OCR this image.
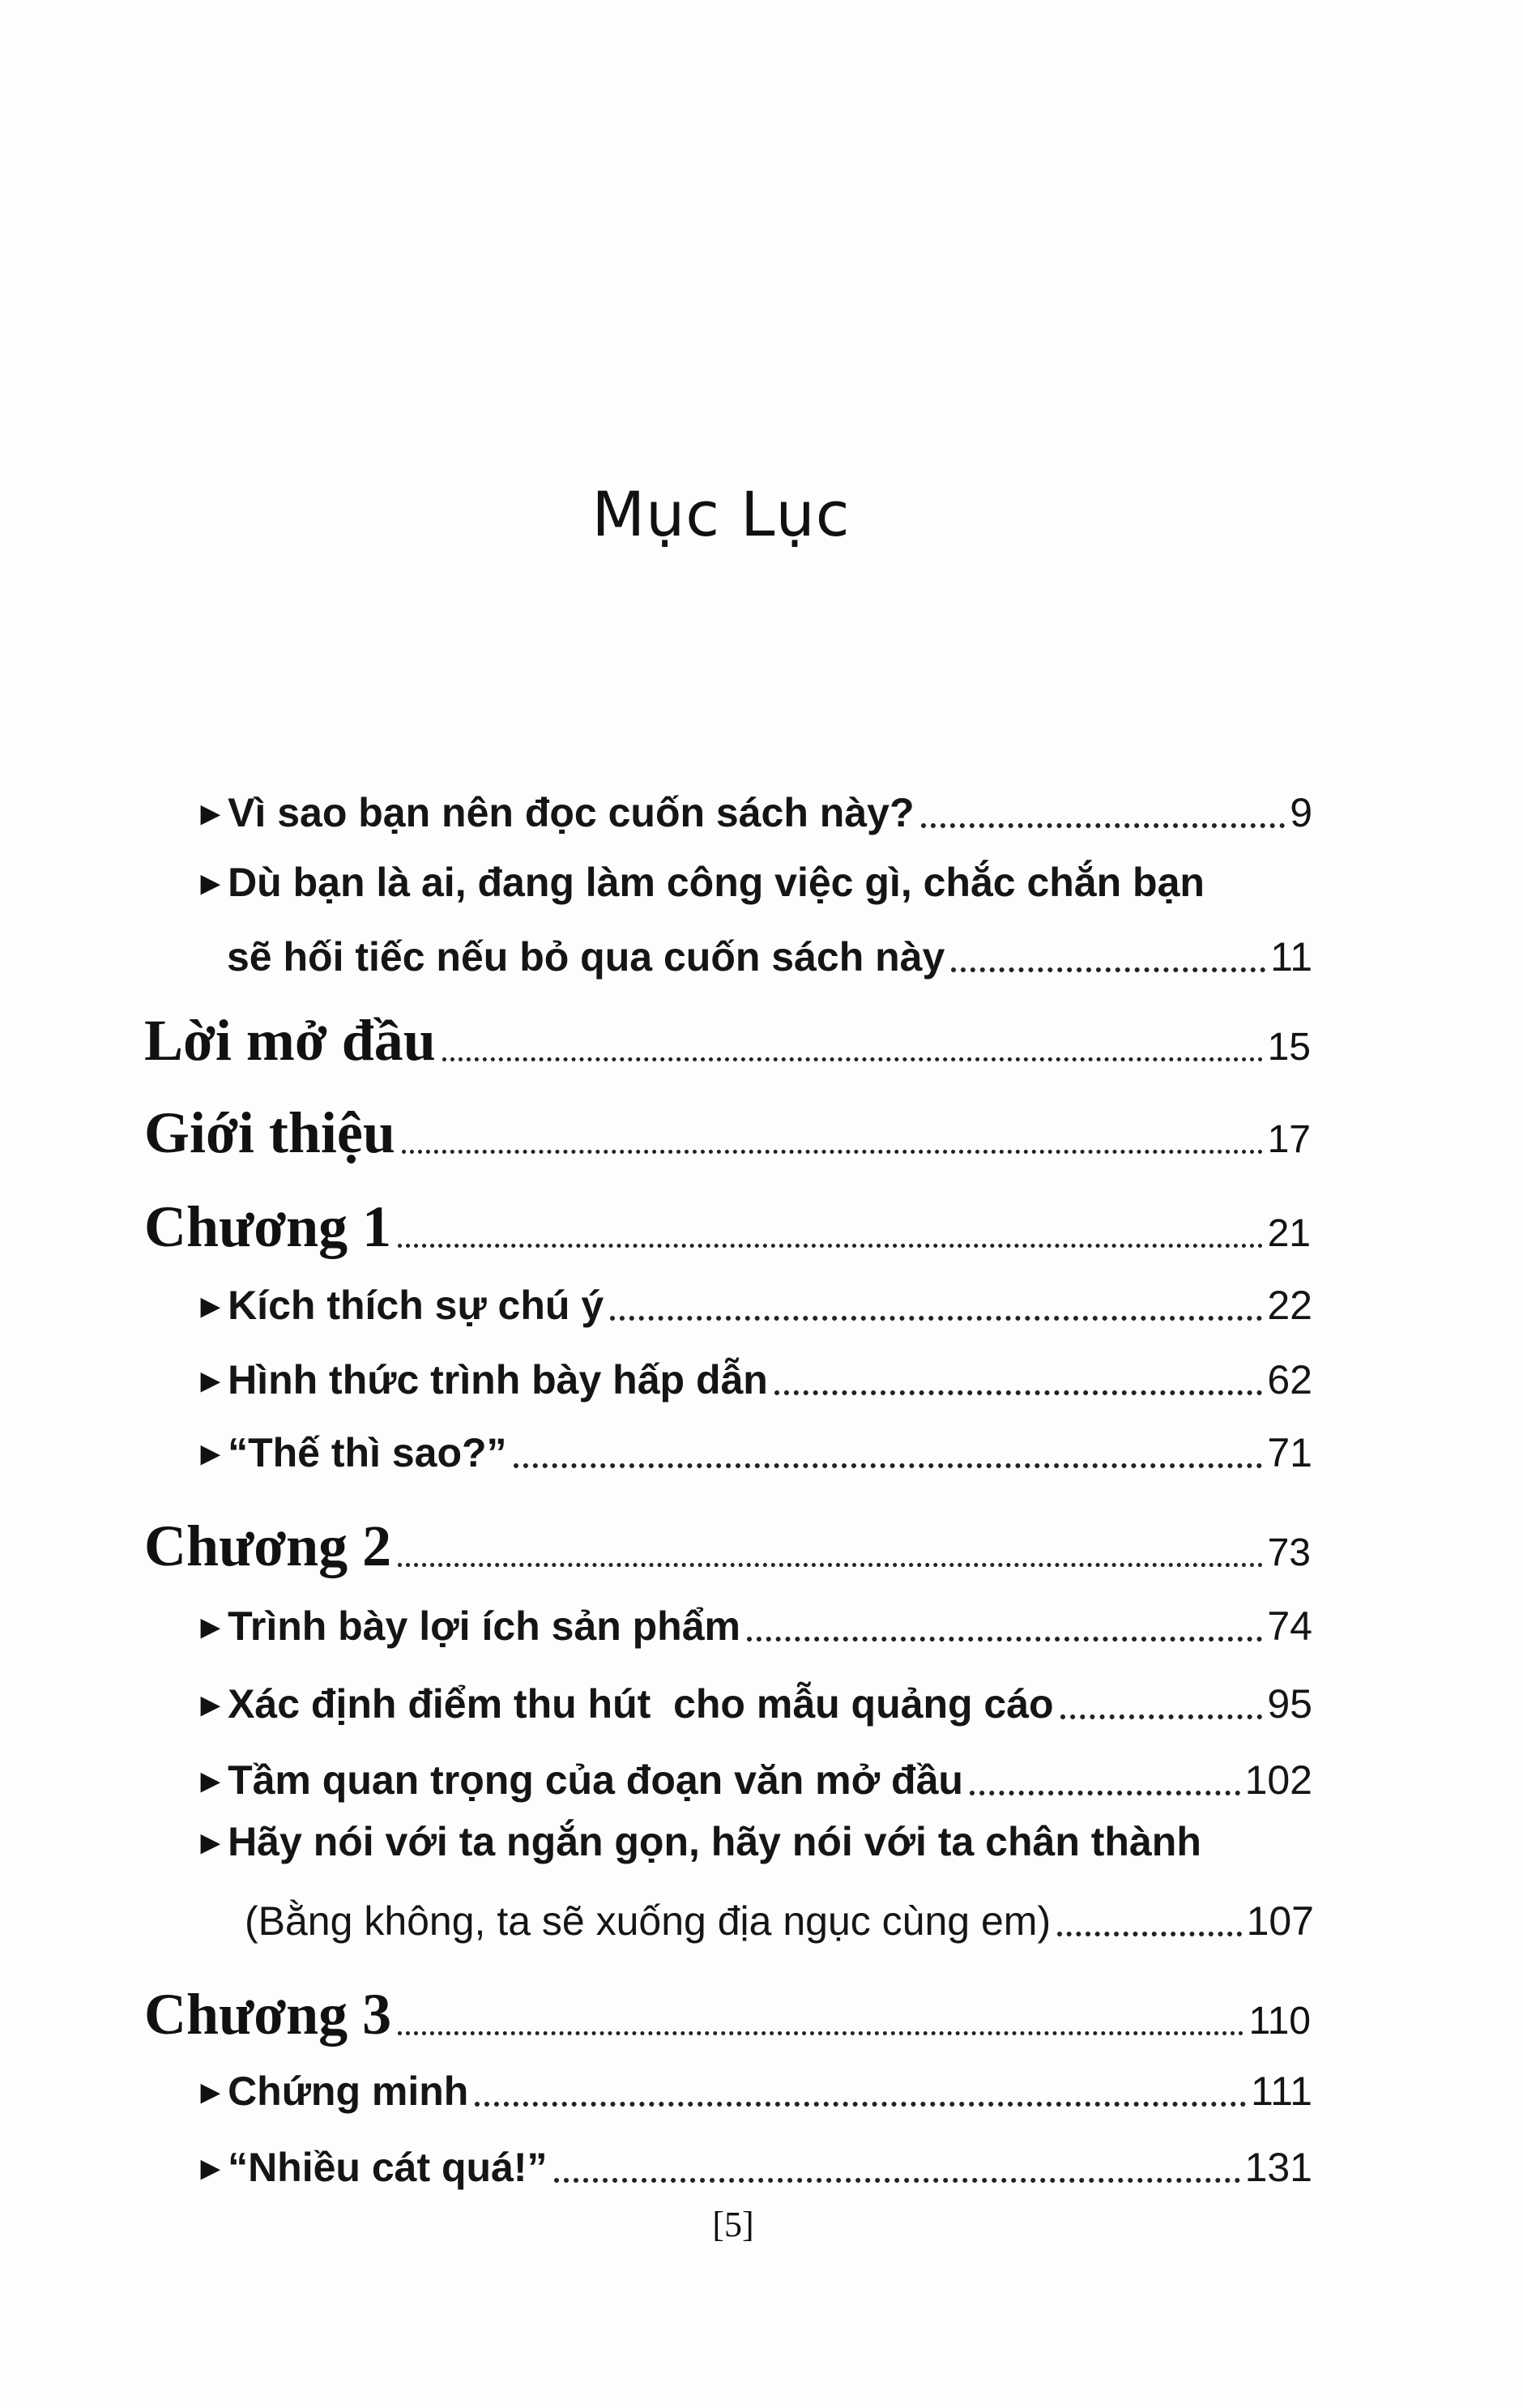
Mục Lục
▶ Vì sao bạn nên đọc cuốn sách này?	9
▶ Dù bạn là ai, đang làm công việc gì, chắc chắn bạn
sẽ hối tiếc nếu bỏ qua cuốn sách này	11
Lời mở đầu	15
Giới thiệu	17
Chương 1	21
▶ Kích thích sự chú ý	22
▶ Hình thức trình bày hấp dẫn	62
▶ “Thế thì sao?”	71
Chương 2	73
▶ Trình bày lợi ích sản phẩm	74
▶ Xác định điểm thu hút  cho mẫu quảng cáo	95
▶ Tầm quan trọng của đoạn văn mở đầu	102
▶ Hãy nói với ta ngắn gọn, hãy nói với ta chân thành
(Bằng không, ta sẽ xuống địa ngục cùng em)	107
Chương 3	110
▶ Chứng minh	111
▶ “Nhiều cát quá!”	131
[5]
